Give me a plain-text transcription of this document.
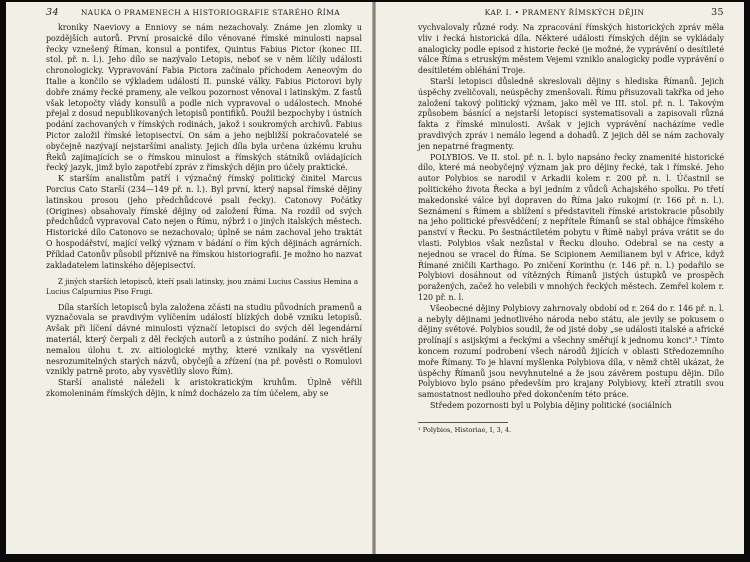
34	NAUKA O PRAMENECH A HISTORIOGRAFIE STARÉHO ŘÍMA

kroniky Naeviovy a Enniovy se nám nezachovaly. Známe jen zlomky u pozdějších autorů. První prosaické dílo věnované římské minulosti napsal řecky vznešený Říman, konsul a pontifex, Quintus Fabius Pictor (konec III. stol. př. n. l.). Jeho dílo se nazývalo Letopis, neboť se v něm líčily události chronologicky. Vypravování Fabia Pictora začínalo příchodem Aeneovým do Italie a končilo se výkladem událostí II. punské války. Fabius Pictorovi byly dobře známy řecké prameny, ale velkou pozornost věnoval i latinským. Z fastů však letopočty vlády konsulů a podle nich vypravoval o událostech. Mnohé přejal z dosud nepublikovaných letopisů pontifiků. Použil bezpochyby i ústních podání zachovaných v římských rodinách, jakož i soukromých archivů. Fabius Pictor založil římské letopisectví. On sám a jeho nejbližší pokračovatelé se obyčejně nazývají nejstaršími analisty. Jejich díla byla určena úzkému kruhu Řeků zajímajících se o římskou minulost a římských státníků ovládajících řecký jazyk, jimž bylo zapotřebí zpráv z římských dějin pro účely praktické.

K starším analistům patří i význačný římský politický činitel Marcus Porcius Cato Starší (234—149 př. n. l.). Byl první, který napsal římské dějiny latinskou prosou (jeho předchůdcové psali řecky). Catonovy Počátky (Origines) obsahovaly římské dějiny od založení Říma. Na rozdíl od svých předchůdců vypravoval Cato nejen o Římu, nýbrž i o jiných italských městech. Historické dílo Catonovo se nezachovalo; úplně se nám zachoval jeho traktát O hospodářství, mající velký význam v bádání o řím kých dějinách agrárních. Příklad Catonův působil příznivě na římskou historiografii. Je možno ho nazvat zakladatelem latinského dějepisectví.

Z jiných starších letopisců, kteří psali latinsky, jsou známi Lucius Cassius Hemina a Lucius Calpurnius Piso Frugi.

Díla starších letopisců byla založena zčásti na studiu původních pramenů a vyznačovala se pravdivým vylíčením událostí blízkých době vzniku letopisů. Avšak při líčení dávné minulosti význačí letopisci do svých děl legendární materiál, který čerpali z děl řeckých autorů a z ústního podání. Z nich hrály nemalou úlohu t. zv. aitiologické mythy, které vznikaly na vysvětlení nesrozumitelných starých názvů, obyčejů a zřízení (na př. pověsti o Romulovi vznikly patrně proto, aby vysvětlily slovo Řím).

Starší analisté náleželi k aristokratickým kruhům. Úplně věřili zkomoleninám římských dějin, k nímž docházelo za tím účelem, aby se

KAP. I. • PRAMENY ŘÍMSKÝCH DĚJIN	35

vychvalovaly různé rody. Na zpracování římských historických zpráv měla vliv i řecká historická díla. Některé události římských dějin se vykládaly analogicky podle episod z historie řecké (je možné, že vyprávění o desítileté válce Říma s etruským městem Vejemi vzniklo analogicky podle vyprávění o desítiletém obléhání Troje.

Starší letopisci důsledně skreslovali dějiny s hlediska Římanů. Jejich úspěchy zveličovali, neúspěchy zmenšovali. Římu přisuzovali takřka od jeho založení takový politický význam, jako měl ve III. stol. př. n. l. Takovým způsobem básnící a nejstarší letopisci systematisovali a zapisovali různá fakta z římské minulosti. Avšak v jejich vyprávění nacházíme vedle pravdivých zpráv i nemálo legend a dohadů. Z jejich děl se nám zachovaly jen nepatrné fragmenty.

POLYBIOS. Ve II. stol. př. n. l. bylo napsáno řecky znamenité historické dílo, které má neobyčejný význam jak pro dějiny řecké, tak i římské. Jeho autor Polybios se narodil v Arkadii kolem r. 200 př. n. l. Účastnil se politického života Řecka a byl jedním z vůdců Achajského spolku. Po třetí makedonské válce byl dopraven do Říma jako rukojmí (r. 166 př. n. l.). Seznámení s Římem a sblížení s představiteli římské aristokracie působily na jeho politické přesvědčení; z nepřítele Římanů se stal obhájce římského panství v Řecku. Po šestnáctiletém pobytu v Římě nabyl práva vrátit se do vlasti. Polybios však nezůstal v Řecku dlouho. Odebral se na cesty a nejednou se vracel do Říma. Se Scipionem Aemilianem byl v Africe, když Římané zničili Karthago. Po zničení Korinthu (r. 146 př. n. l.) podařilo se Polybiovi dosáhnout od vítězných Římanů jistých ústupků ve prospěch poražených, začež ho velebili v mnohých řeckých městech. Zemřel kolem r. 120 př. n. l.

Všeobecné dějiny Polybiovy zahrnovaly období od r. 264 do r. 146 př. n. l. a nebyly dějinami jednotlivého národa nebo státu, ale jevily se pokusem o dějiny světové. Polybios soudil, že od jisté doby „se události italské a africké prolínají s asijskými a řeckými a všechny směřují k jednomu konci".¹ Tímto koncem rozumí podrobení všech národů žijících v oblasti Středozemního moře Římany. To je hlavní myšlenka Polybiova díla, v němž chtěl ukázat, že úspěchy Římanů jsou nevyhnutelné a že jsou závěrem postupu dějin. Dílo Polybiovo bylo psáno především pro krajany Polybiovy, kteří ztratili svou samostatnost nedlouho před dokončením této práce.

Středem pozornosti byl u Polybia dějiny politické (sociálních

¹ Polybios, Historiae, I, 3, 4.
